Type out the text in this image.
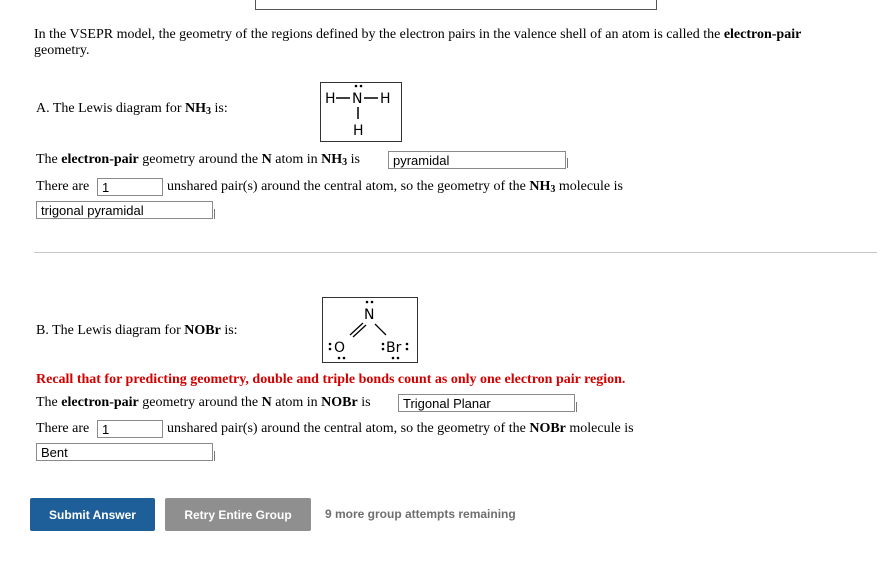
In the VSEPR model, the geometry of the regions defined by the electron pairs in the valence shell of an atom is called the electron-pair
geometry.
A. The Lewis diagram for $NH_3$ is:
H N H
H
The electron-pair geometry around the N atom in $NH_3$ is
pyramidal
There are
1	unshared pair(s) around the central atom, so the geometry of the $NH_3$ molecule is
trigonal pyramidal
B. The Lewis diagram for NOBr is:
N
O	Br
Recall that for predicting geometry, double and triple bonds count as only one electron pair region.
The electron-pair geometry around the N atom in NOBr is
Trigonal Planar
There are
1	unshared pair(s) around the central atom, so the geometry of the NOBr molecule is
Bent
Submit Answer	Retry Entire Group	9 more group attempts remaining
